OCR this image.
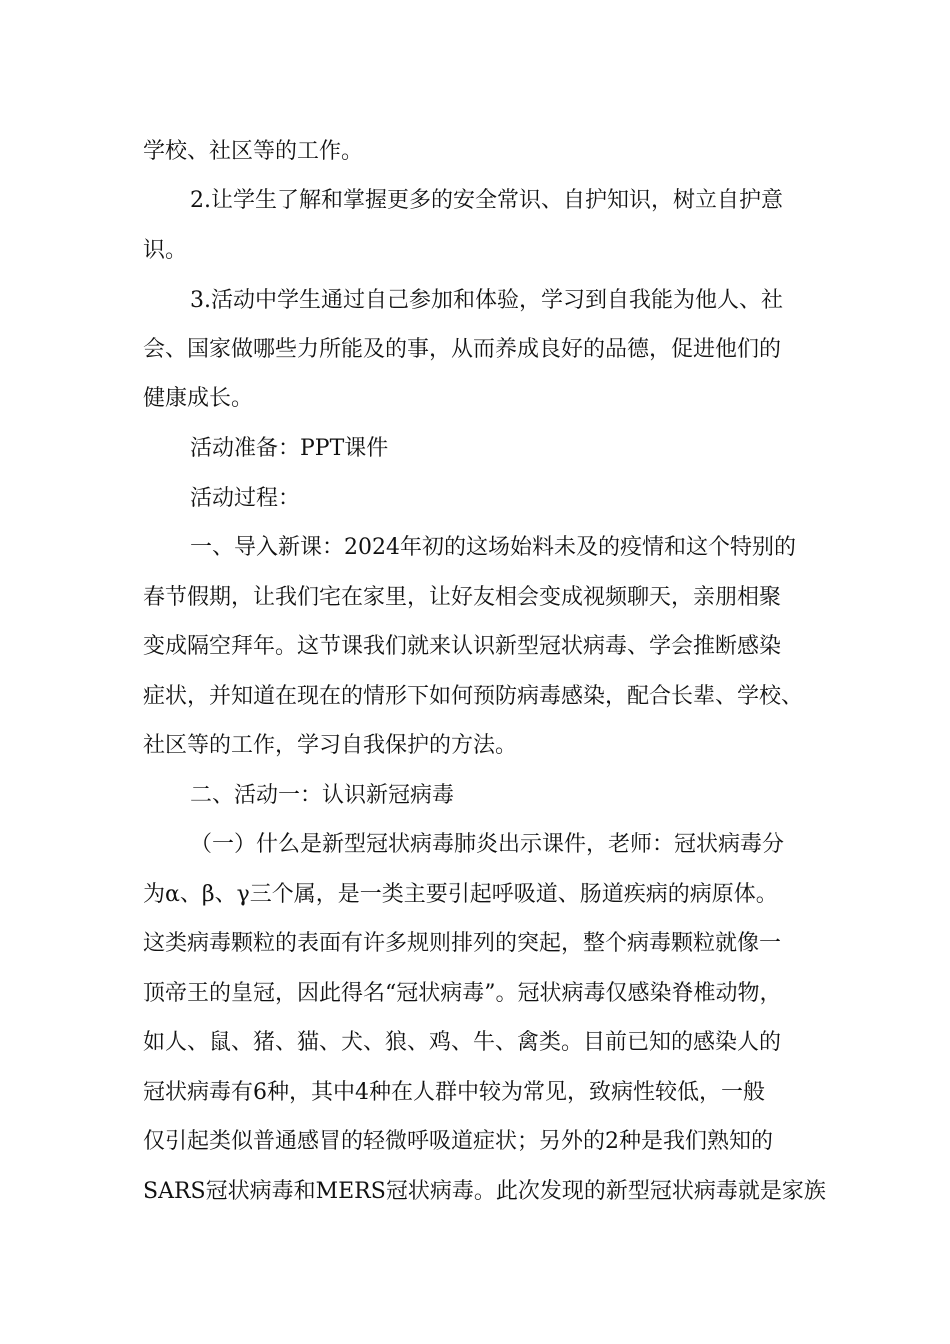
学校、社区等的工作。
2.让学生了解和掌握更多的安全常识、自护知识，树立自护意
识。
3.活动中学生通过自己参加和体验，学习到自我能为他人、社
会、国家做哪些力所能及的事，从而养成良好的品德，促进他们的
健康成长。
活动准备：PPT课件
活动过程：
一、导入新课：2024年初的这场始料未及的疫情和这个特别的
春节假期，让我们宅在家里，让好友相会变成视频聊天，亲朋相聚
变成隔空拜年。这节课我们就来认识新型冠状病毒、学会推断感染
症状，并知道在现在的情形下如何预防病毒感染，配合长辈、学校、
社区等的工作，学习自我保护的方法。
二、活动一：认识新冠病毒
（一）什么是新型冠状病毒肺炎出示课件，老师：冠状病毒分
为α、β、γ三个属，是一类主要引起呼吸道、肠道疾病的病原体。
这类病毒颗粒的表面有许多规则排列的突起，整个病毒颗粒就像一
顶帝王的皇冠，因此得名“冠状病毒”。冠状病毒仅感染脊椎动物，
如人、鼠、猪、猫、犬、狼、鸡、牛、禽类。目前已知的感染人的
冠状病毒有6种，其中4种在人群中较为常见，致病性较低，一般
仅引起类似普通感冒的轻微呼吸道症状；另外的2种是我们熟知的
SARS冠状病毒和MERS冠状病毒。此次发现的新型冠状病毒就是家族
